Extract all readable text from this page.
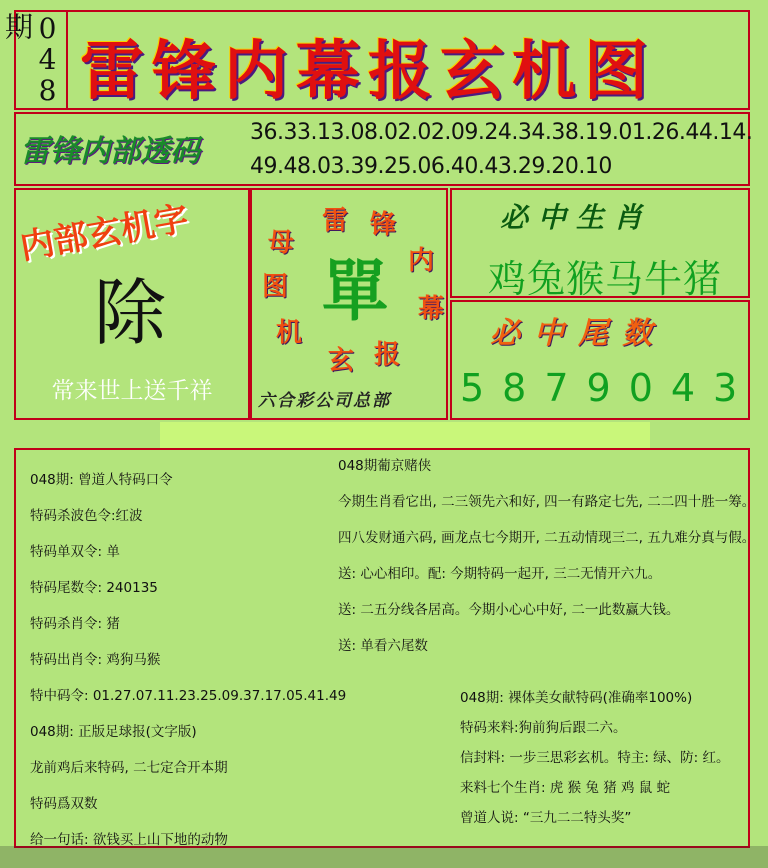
048期
雷锋内幕报玄机图
雷锋内部透码
36.33.13.08.02.02.09.24.34.38.19.01.26.44.14.
49.48.03.39.25.06.40.43.29.20.10
内部玄机字
除
常来世上送千祥
雷 锋
内
幕
报
玄
机
图
母
單
六合彩公司总部
必中生肖
鸡兔猴马牛猪
必中尾数
5879043
048期: 曾道人特码口令
特码杀波色令:红波
特码单双令: 单
特码尾数令: 240135
特码杀肖令: 猪
特码出肖令: 鸡狗马猴
特中码令: 01.27.07.11.23.25.09.37.17.05.41.49
048期: 正版足球报(文字版)
龙前鸡后来特码, 二七定合开本期
特码爲双数
给一句话: 欲钱买上山下地的动物
048期葡京赌侠
今期生肖看它出, 二三领先六和好, 四一有路定七先, 二二四十胜一筹。
四八发财通六码, 画龙点七今期开, 二五动情现三二, 五九难分真与假。
送: 心心相印。配: 今期特码一起开, 三二无情开六九。
送: 二五分线各居高。今期小心心中好, 二一此数赢大钱。
送: 单看六尾数
048期: 裸体美女献特码(准确率100%)
特码来料:狗前狗后跟二六。
信封料: 一步三思彩玄机。特主: 绿、防: 红。
来料七个生肖: 虎 猴 兔 猪 鸡 鼠 蛇
曾道人说: “三九二二特头奖”
